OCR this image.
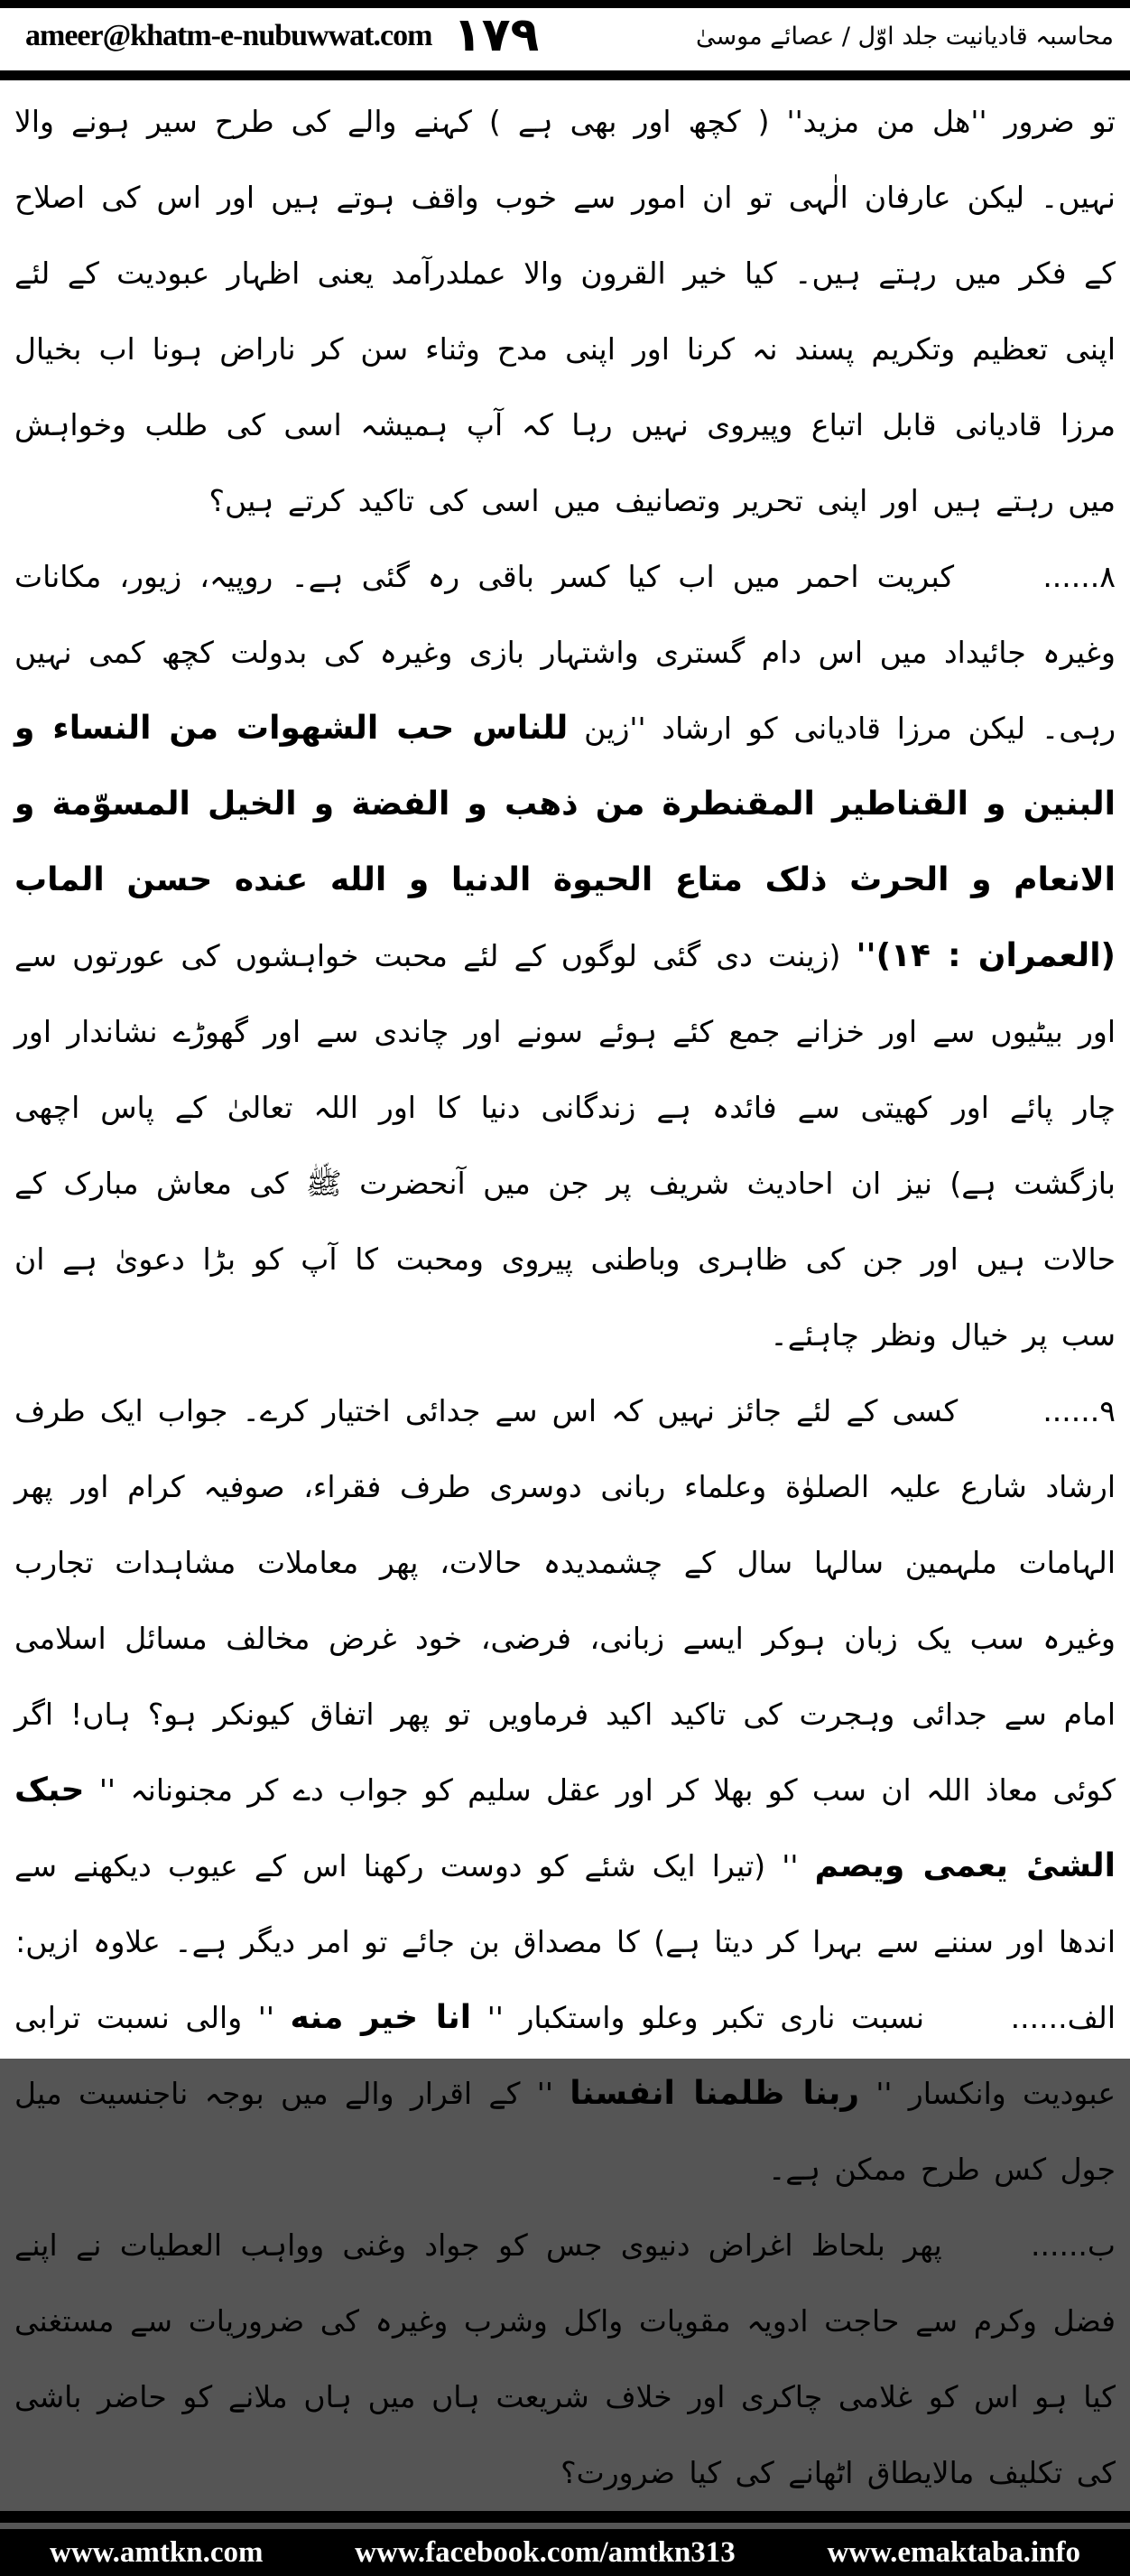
ameer@khatm-e-nubuwwat.com ۱۷۹	محاسبہ قادیانیت جلد اوّل / عصائے موسیٰ

تو ضرور ''هل من مزید'' ( کچھ اور بھی ہے ) کہنے والے کی طرح سیر ہونے والا نہیں۔ لیکن عارفان الٰہی تو ان امور سے خوب واقف ہوتے ہیں اور اس کی اصلاح کے فکر میں رہتے ہیں۔ کیا خیر القرون والا عملدرآمد یعنی اظہار عبودیت کے لئے اپنی تعظیم وتکریم پسند نہ کرنا اور اپنی مدح وثناء سن کر ناراض ہونا اب بخیال مرزا قادیانی قابل اتباع وپیروی نہیں رہا کہ آپ ہمیشہ اسی کی طلب وخواہش میں رہتے ہیں اور اپنی تحریر وتصانیف میں اسی کی تاکید کرتے ہیں؟

۸...... کبریت احمر میں اب کیا کسر باقی رہ گئی ہے۔ روپیہ، زیور، مکانات وغیرہ جائیداد میں اس دام گستری واشتہار بازی وغیرہ کی بدولت کچھ کمی نہیں رہی۔ لیکن مرزا قادیانی کو ارشاد ''زین للناس حب الشهوات من النساء و البنين و القناطير المقنطرة من ذهب و الفضة و الخيل المسوّمة و الانعام و الحرث ذلک متاع الحيوة الدنيا و الله عنده حسن الماب (العمران : ۱۴)'' (زینت دی گئی لوگوں کے لئے محبت خواہشوں کی عورتوں سے اور بیٹیوں سے اور خزانے جمع کئے ہوئے سونے اور چاندی سے اور گھوڑے نشاندار اور چار پائے اور کھیتی سے فائدہ ہے زندگانی دنیا کا اور اللہ تعالیٰ کے پاس اچھی بازگشت ہے) نیز ان احادیث شریف پر جن میں آنحضرت ﷺ کی معاش مبارک کے حالات ہیں اور جن کی ظاہری وباطنی پیروی ومحبت کا آپ کو بڑا دعویٰ ہے ان سب پر خیال ونظر چاہئے۔

۹...... کسی کے لئے جائز نہیں کہ اس سے جدائی اختیار کرے۔ جواب ایک طرف ارشاد شارع علیہ الصلوٰة وعلماء ربانی دوسری طرف فقراء، صوفیہ کرام اور پھر الہامات ملہمین سالہا سال کے چشمدیدہ حالات، پھر معاملات مشاہدات تجارب وغیرہ سب یک زبان ہوکر ایسے زبانی، فرضی، خود غرض مخالف مسائل اسلامی امام سے جدائی وہجرت کی تاکید اکید فرماویں تو پھر اتفاق کیونکر ہو؟ ہاں! اگر کوئی معاذ اللہ ان سب کو بھلا کر اور عقل سلیم کو جواب دے کر مجنونانہ '' حبک الشیٔ یعمی ویصم '' (تیرا ایک شئے کو دوست رکھنا اس کے عیوب دیکھنے سے اندھا اور سننے سے بہرا کر دیتا ہے) کا مصداق بن جائے تو امر دیگر ہے۔ علاوہ ازیں:

الف...... نسبت ناری تکبر وعلو واستکبار '' انا خیر منه '' والی نسبت ترابی عبودیت وانکسار '' ربنا ظلمنا انفسنا '' کے اقرار والے میں بوجہ ناجنسیت میل جول کس طرح ممکن ہے۔

ب...... پھر بلحاظ اغراض دنیوی جس کو جواد وغنی وواہب العطیات نے اپنے فضل وکرم سے حاجت ادویہ مقویات واکل وشرب وغیرہ کی ضروریات سے مستغنی کیا ہو اس کو غلامی چاکری اور خلاف شریعت ہاں میں ہاں ملانے کو حاضر باشی کی تکلیف مالایطاق اٹھانے کی کیا ضرورت؟

www.amtkn.com	www.facebook.com/amtkn313	www.emaktaba.info
